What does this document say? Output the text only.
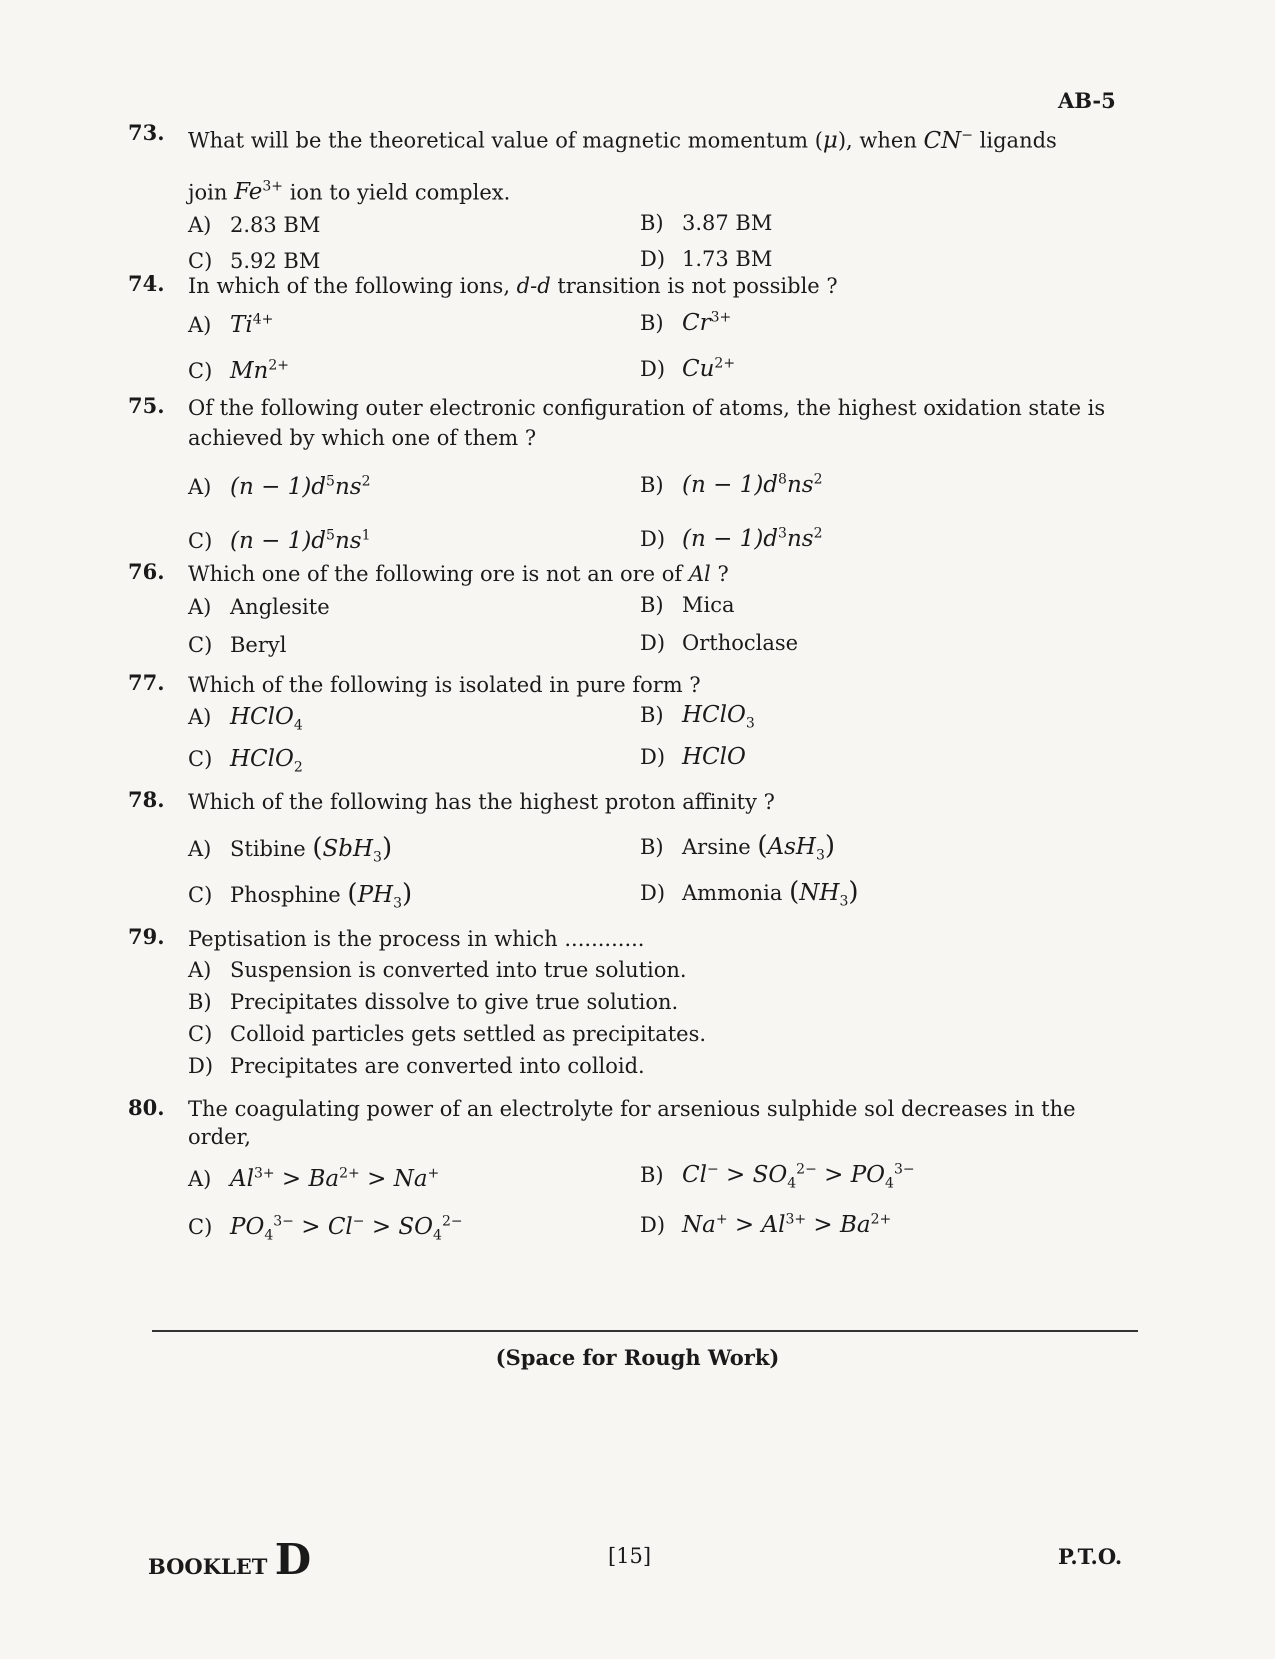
AB-5
73. What will be the theoretical value of magnetic momentum (μ), when CN− ligands
join $Fe^{3+}$ ion to yield complex.
A) 2.83 BM	B) 3.87 BM
C) 5.92 BM	D) 1.73 BM
74. In which of the following ions, d-d transition is not possible ?
A) $Ti^{4+}$	B) $Cr^{3+}$
C) $Mn^{2+}$	D) $Cu^{2+}$
75. Of the following outer electronic configuration of atoms, the highest oxidation state is achieved by which one of them ?
A) $(n - 1)d^5ns^2$	B) $(n - 1)d^8ns^2$
C) $(n - 1)d^5ns^1$	D) $(n - 1)d^3ns^2$
76. Which one of the following ore is not an ore of Al ?
A) Anglesite	B) Mica
C) Beryl	D) Orthoclase
77. Which of the following is isolated in pure form ?
A) HClO$_4$	B) HClO$_3$
C) HClO$_2$	D) HClO
78. Which of the following has the highest proton affinity ?
A) Stibine (SbH$_3$)	B) Arsine (AsH$_3$)
C) Phosphine $(PH_3)$	D) Ammonia $(NH_3)$
79. Peptisation is the process in which ............
A) Suspension is converted into true solution.
B) Precipitates dissolve to give true solution.
C) Colloid particles gets settled as precipitates.
D) Precipitates are converted into colloid.
80. The coagulating power of an electrolyte for arsenious sulphide sol decreases in the order,
A) $Al^{3+} > Ba^{2+} > Na^+$	B) $Cl^- > SO_4^{2-} > PO_4^{3-}$
C) $PO_4^{3-} > Cl^- > SO_4^{2-}$	D) $Na^+ > Al^{3+} > Ba^{2+}$
(Space for Rough Work)
BOOKLET D	[15]	P.T.O.
